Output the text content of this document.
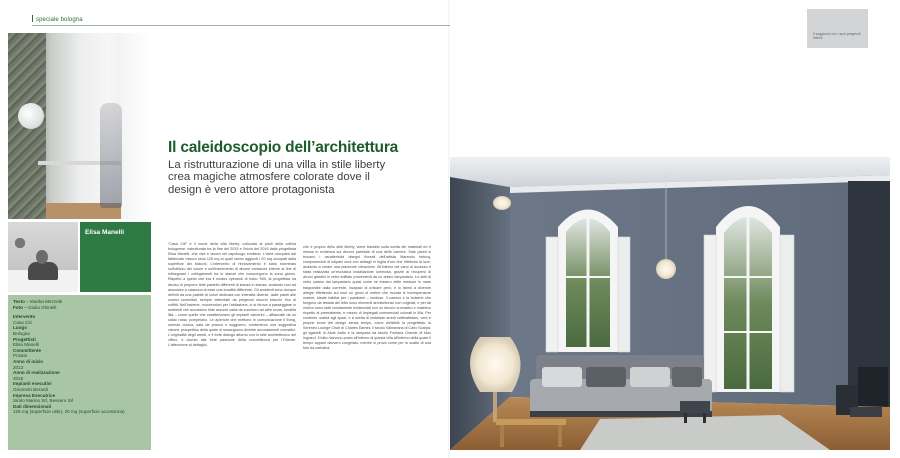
speciale bologna
Elisa Manelli
Testo – Marika Mezzetti
Foto – Giulia Ghinelli
Intervento
Casa Citi
Luogo
Bologna
Progettisti
Elisa Manelli
Committente
Privato
Anno di inizio
2013
Anno di realizzazione
2016
Impianti esecutivi
Geometri Berardi
Impresa Esecutrice
Sirolo Marino Srl, Bessero Srl
Dati dimensionali
125 mq (superficie utile), 20 mq (superficie accessoria)
Il caleidoscopio dell’architettura
La ristrutturazione di una villa in stile liberty
crea magiche atmosfere colorate dove il
design è vero attore protagonista
“Casa Citi” è il nome della villa liberty, collocata ai piedi della collina bolognese, ristrutturata tra la fine del 2015 e l'inizio del 2016 dalla progettista Elisa Manelli, che vive e lavora nel capoluogo emiliano. L'area occupata dal fabbricato misura circa 125 mq ai quali vanno aggiunti i 20 mq occupati dalla superficie dei balconi. L'intervento di rinnovamento è stato incentrato sull'utilizzo del colore e sull'inserimento di alcune variazioni interne al fine di ridisegnare i collegamenti tra le stanze che compongono la zona giorno. Rispetto a quello che era il modus operandi di inizio '900, la progettista ha deciso di proporre tinte pastello differenti di stanza in stanza, andando così ad associare a ciascuna di esse una tonalità differente. Gli ambienti sono dunque definiti da una palette di colori dedicata con intensità diverse, dalle pareti alle cornici sommitali, sempre delimitate da pregevoli stucchi bianchi, fino ai soffitti. Nell'insieme, muovendosi per l'abitazione, ci si ritrova a passeggiare in ambienti che accostano tinte azzurre carta da zucchero ad altre scure, tonalità lilla – come quelle che caratterizzano gli impianti camerini – affiancate da un caldo rosso pompeiano. Le aperture che mettono in comunicazione il living, unendo cucina, sala da pranzo e soggiorno, consentono una suggestiva visione prospettica della quale si susseguono diverse accostamenti cromatici. L'originalità degli arredi, e il forte dialogo attorno con lo stile architettonico del villino, è dovuto alla forte passione della committenza per l'Oriente. L'attenzione al dettaglio,
che è proprio dello stile liberty, viene tradotta sulla scelta dei materiali ed è messa in evidenza sul decoro parietale di una delle camere. Sale pareti si trovano i caratteristici disegni floreali dell'artista Marando fortuny, componendoli di tulipani ocra con dettagli in foglia d'oro che riflettono la luce, andando a creare una piacevole vibrazione. All'interno del vano di accesso è stata realizzata un'esclusiva installazione luminosa, grazie al recupero di alcuni giardini in vetro soffiato provenienti da un antico lampadario. Le steli di vetro calano dal lampadario quasi come se fossero delle meduse in mare trasportate dalla corrente, incapaci di urticare però, e lo fanno a divenire allegre riflettendo sui muri un gioco di ombre che ricorda le incresperature marine, ideale habitat per i parallami – meduse. Il camino e la boiserie che fungono da testata del letto sono elementi architettonici non originali, e per tal motivo sono stati volutamente evidenziati con un decoro cromatico e materico rispetto al preesistente, e mezzo di impiegati commerciali colorati in lilla. Per conferire unicità agli spazi, e a scelta di installare arredi calibratissimi, vere e proprie icone del design senza tempo, come divisibile la progettista: la Sereneo Lounge Chair di Charles Eames, il tavolo Valmarana di Carlo Scarpa, gli sgabelli di Alvar Aalto e la lampada da tavolo Fontana Grande di Max Ingrand. Il tutto ricevono posto all'interno di questa villa all'interno della quale il tempo appare davvero congelato, mentre si prova come per lo scatto di una foto da cartolina.
Il soggiorno con i suoi pregevoli interni
